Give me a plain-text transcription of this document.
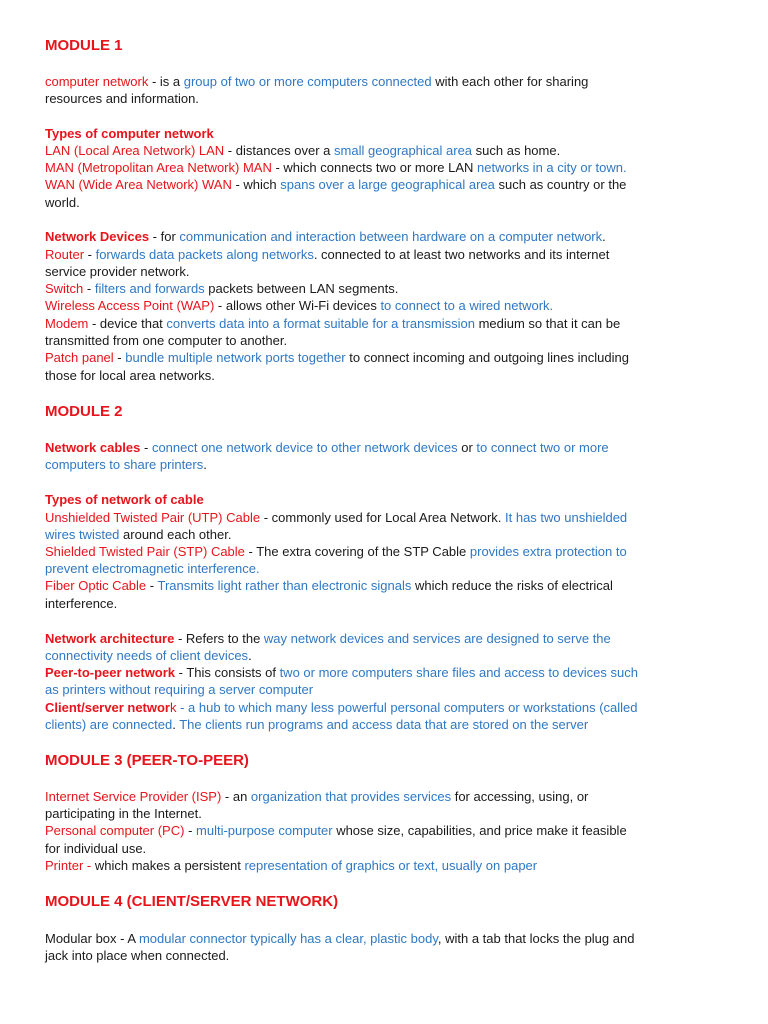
MODULE 1
computer network - is a group of two or more computers connected with each other for sharing
resources and information.
Types of computer network
LAN (Local Area Network) LAN - distances over a small geographical area such as home.
MAN (Metropolitan Area Network) MAN - which connects two or more LAN networks in a city or town.
WAN (Wide Area Network) WAN - which spans over a large geographical area such as country or the
world.
Network Devices - for communication and interaction between hardware on a computer network.
Router - forwards data packets along networks. connected to at least two networks and its internet
service provider network.
Switch - filters and forwards packets between LAN segments.
Wireless Access Point (WAP) - allows other Wi-Fi devices to connect to a wired network.
Modem - device that converts data into a format suitable for a transmission medium so that it can be
transmitted from one computer to another.
Patch panel - bundle multiple network ports together to connect incoming and outgoing lines including
those for local area networks.
MODULE 2
Network cables - connect one network device to other network devices or to connect two or more
computers to share printers.
Types of network of cable
Unshielded Twisted Pair (UTP) Cable - commonly used for Local Area Network. It has two unshielded
wires twisted around each other.
Shielded Twisted Pair (STP) Cable - The extra covering of the STP Cable provides extra protection to
prevent electromagnetic interference.
Fiber Optic Cable - Transmits light rather than electronic signals which reduce the risks of electrical
interference.
Network architecture - Refers to the way network devices and services are designed to serve the
connectivity needs of client devices.
Peer-to-peer network - This consists of two or more computers share files and access to devices such
as printers without requiring a server computer
Client/server network - a hub to which many less powerful personal computers or workstations (called
clients) are connected. The clients run programs and access data that are stored on the server
MODULE 3 (PEER-TO-PEER)
Internet Service Provider (ISP) - an organization that provides services for accessing, using, or
participating in the Internet.
Personal computer (PC) - multi-purpose computer whose size, capabilities, and price make it feasible
for individual use.
Printer - which makes a persistent representation of graphics or text, usually on paper
MODULE 4 (CLIENT/SERVER NETWORK)
Modular box - A modular connector typically has a clear, plastic body, with a tab that locks the plug and
jack into place when connected.
